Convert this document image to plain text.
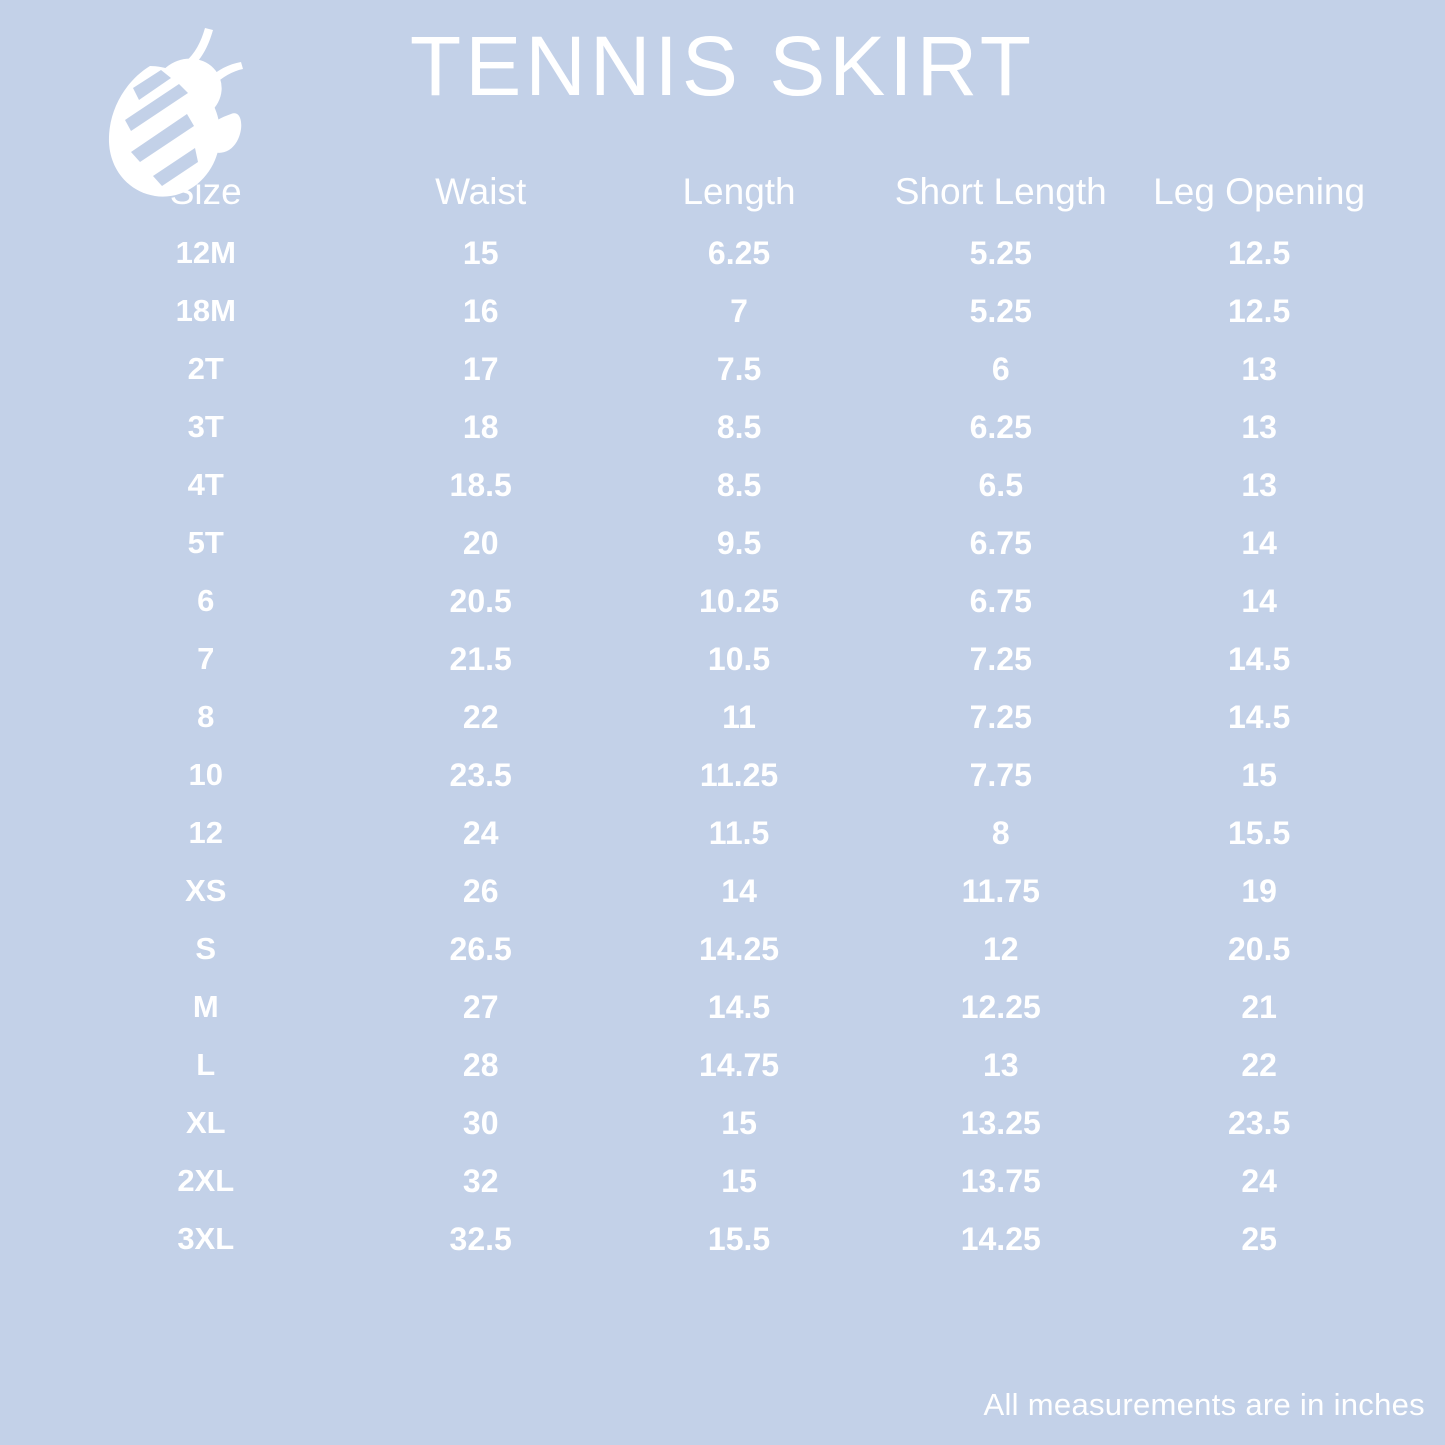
TENNIS SKIRT
Size	Waist	Length	Short Length	Leg Opening
12M	15	6.25	5.25	12.5
18M	16	7	5.25	12.5
2T	17	7.5	6	13
3T	18	8.5	6.25	13
4T	18.5	8.5	6.5	13
5T	20	9.5	6.75	14
6	20.5	10.25	6.75	14
7	21.5	10.5	7.25	14.5
8	22	11	7.25	14.5
10	23.5	11.25	7.75	15
12	24	11.5	8	15.5
XS	26	14	11.75	19
S	26.5	14.25	12	20.5
M	27	14.5	12.25	21
L	28	14.75	13	22
XL	30	15	13.25	23.5
2XL	32	15	13.75	24
3XL	32.5	15.5	14.25	25
All measurements are in inches
